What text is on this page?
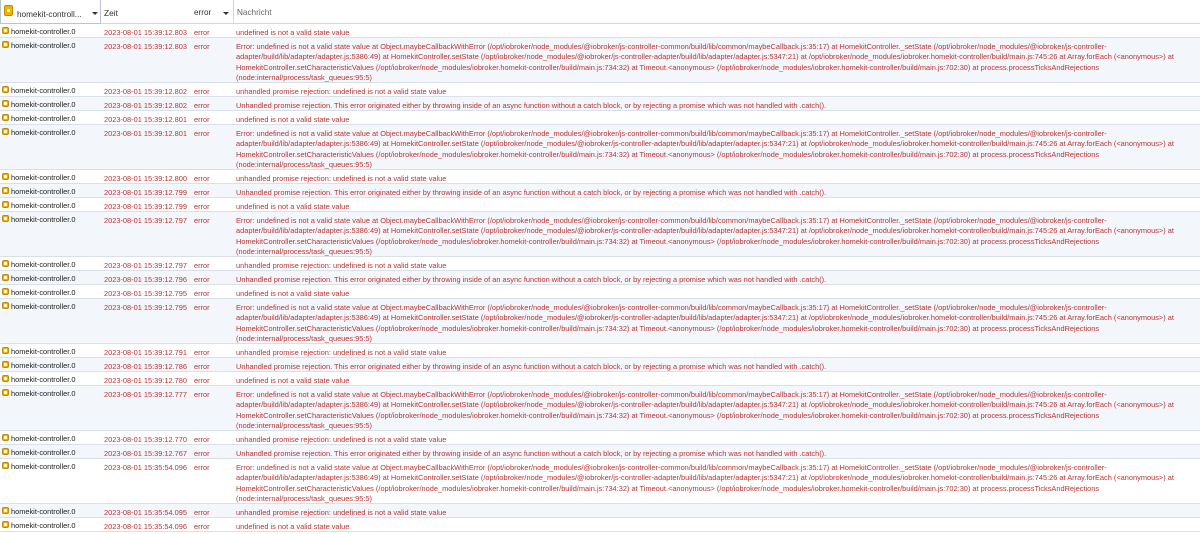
homekit-controll...	Zeit	error	Nachricht
homekit-controller.0	2023-08-01 15:39:12.803 error	undefined is not a valid state value
homekit-controller.0	2023-08-01 15:39:12.803 error	Error: undefined is not a valid state value at Object.maybeCallbackWithError (/opt/iobroker/node_modules/@iobroker/js-controller-common/build/lib/common/maybeCallback.js:35:17) at HomekitController._setState (/opt/iobroker/node_modules/@iobroker/js-controller-adapter/build/lib/adapter/adapter.js:5386:49) at HomekitController.setState (/opt/iobroker/node_modules/@iobroker/js-controller-adapter/build/lib/adapter/adapter.js:5347:21) at /opt/iobroker/node_modules/iobroker.homekit-controller/build/main.js:745:26 at Array.forEach (<anonymous>) at HomekitController.setCharacteristicValues (/opt/iobroker/node_modules/iobroker.homekit-controller/build/main.js:734:32) at Timeout.<anonymous> (/opt/iobroker/node_modules/iobroker.homekit-controller/build/main.js:702:30) at process.processTicksAndRejections (node:internal/process/task_queues:95:5)
homekit-controller.0	2023-08-01 15:39:12.802 error	unhandled promise rejection: undefined is not a valid state value
homekit-controller.0	2023-08-01 15:39:12.802 error	Unhandled promise rejection. This error originated either by throwing inside of an async function without a catch block, or by rejecting a promise which was not handled with .catch().
homekit-controller.0	2023-08-01 15:39:12.801 error	undefined is not a valid state value
homekit-controller.0	2023-08-01 15:39:12.801 error	Error: undefined is not a valid state value at Object.maybeCallbackWithError (/opt/iobroker/node_modules/@iobroker/js-controller-common/build/lib/common/maybeCallback.js:35:17) at HomekitController._setState (/opt/iobroker/node_modules/@iobroker/js-controller-adapter/build/lib/adapter/adapter.js:5386:49) at HomekitController.setState (/opt/iobroker/node_modules/@iobroker/js-controller-adapter/build/lib/adapter/adapter.js:5347:21) at /opt/iobroker/node_modules/iobroker.homekit-controller/build/main.js:745:26 at Array.forEach (<anonymous>) at HomekitController.setCharacteristicValues (/opt/iobroker/node_modules/iobroker.homekit-controller/build/main.js:734:32) at Timeout.<anonymous> (/opt/iobroker/node_modules/iobroker.homekit-controller/build/main.js:702:30) at process.processTicksAndRejections (node:internal/process/task_queues:95:5)
homekit-controller.0	2023-08-01 15:39:12.800 error	unhandled promise rejection: undefined is not a valid state value
homekit-controller.0	2023-08-01 15:39:12.799 error	Unhandled promise rejection. This error originated either by throwing inside of an async function without a catch block, or by rejecting a promise which was not handled with .catch().
homekit-controller.0	2023-08-01 15:39:12.799 error	undefined is not a valid state value
homekit-controller.0	2023-08-01 15:39:12.797 error	Error: undefined is not a valid state value at Object.maybeCallbackWithError (/opt/iobroker/node_modules/@iobroker/js-controller-common/build/lib/common/maybeCallback.js:35:17) at HomekitController._setState (/opt/iobroker/node_modules/@iobroker/js-controller-adapter/build/lib/adapter/adapter.js:5386:49) at HomekitController.setState (/opt/iobroker/node_modules/@iobroker/js-controller-adapter/build/lib/adapter/adapter.js:5347:21) at /opt/iobroker/node_modules/iobroker.homekit-controller/build/main.js:745:26 at Array.forEach (<anonymous>) at HomekitController.setCharacteristicValues (/opt/iobroker/node_modules/iobroker.homekit-controller/build/main.js:734:32) at Timeout.<anonymous> (/opt/iobroker/node_modules/iobroker.homekit-controller/build/main.js:702:30) at process.processTicksAndRejections (node:internal/process/task_queues:95:5)
homekit-controller.0	2023-08-01 15:39:12.797 error	unhandled promise rejection: undefined is not a valid state value
homekit-controller.0	2023-08-01 15:39:12.796 error	Unhandled promise rejection. This error originated either by throwing inside of an async function without a catch block, or by rejecting a promise which was not handled with .catch().
homekit-controller.0	2023-08-01 15:39:12.795 error	undefined is not a valid state value
homekit-controller.0	2023-08-01 15:39:12.795 error	Error: undefined is not a valid state value at Object.maybeCallbackWithError (/opt/iobroker/node_modules/@iobroker/js-controller-common/build/lib/common/maybeCallback.js:35:17) at HomekitController._setState (/opt/iobroker/node_modules/@iobroker/js-controller-adapter/build/lib/adapter/adapter.js:5386:49) at HomekitController.setState (/opt/iobroker/node_modules/@iobroker/js-controller-adapter/build/lib/adapter/adapter.js:5347:21) at /opt/iobroker/node_modules/iobroker.homekit-controller/build/main.js:745:26 at Array.forEach (<anonymous>) at HomekitController.setCharacteristicValues (/opt/iobroker/node_modules/iobroker.homekit-controller/build/main.js:734:32) at Timeout.<anonymous> (/opt/iobroker/node_modules/iobroker.homekit-controller/build/main.js:702:30) at process.processTicksAndRejections (node:internal/process/task_queues:95:5)
homekit-controller.0	2023-08-01 15:39:12.791 error	unhandled promise rejection: undefined is not a valid state value
homekit-controller.0	2023-08-01 15:39:12.786 error	Unhandled promise rejection. This error originated either by throwing inside of an async function without a catch block, or by rejecting a promise which was not handled with .catch().
homekit-controller.0	2023-08-01 15:39:12.780 error	undefined is not a valid state value
homekit-controller.0	2023-08-01 15:39:12.777 error	Error: undefined is not a valid state value at Object.maybeCallbackWithError (/opt/iobroker/node_modules/@iobroker/js-controller-common/build/lib/common/maybeCallback.js:35:17) at HomekitController._setState (/opt/iobroker/node_modules/@iobroker/js-controller-adapter/build/lib/adapter/adapter.js:5386:49) at HomekitController.setState (/opt/iobroker/node_modules/@iobroker/js-controller-adapter/build/lib/adapter/adapter.js:5347:21) at /opt/iobroker/node_modules/iobroker.homekit-controller/build/main.js:745:26 at Array.forEach (<anonymous>) at HomekitController.setCharacteristicValues (/opt/iobroker/node_modules/iobroker.homekit-controller/build/main.js:734:32) at Timeout.<anonymous> (/opt/iobroker/node_modules/iobroker.homekit-controller/build/main.js:702:30) at process.processTicksAndRejections (node:internal/process/task_queues:95:5)
homekit-controller.0	2023-08-01 15:39:12.770 error	unhandled promise rejection: undefined is not a valid state value
homekit-controller.0	2023-08-01 15:39:12.767 error	Unhandled promise rejection. This error originated either by throwing inside of an async function without a catch block, or by rejecting a promise which was not handled with .catch().
homekit-controller.0	2023-08-01 15:35:54.096 error	Error: undefined is not a valid state value at Object.maybeCallbackWithError (/opt/iobroker/node_modules/@iobroker/js-controller-common/build/lib/common/maybeCallback.js:35:17) at HomekitController._setState (/opt/iobroker/node_modules/@iobroker/js-controller-adapter/build/lib/adapter/adapter.js:5386:49) at HomekitController.setState (/opt/iobroker/node_modules/@iobroker/js-controller-adapter/build/lib/adapter/adapter.js:5347:21) at /opt/iobroker/node_modules/iobroker.homekit-controller/build/main.js:745:26 at Array.forEach (<anonymous>) at HomekitController.setCharacteristicValues (/opt/iobroker/node_modules/iobroker.homekit-controller/build/main.js:734:32) at Timeout.<anonymous> (/opt/iobroker/node_modules/iobroker.homekit-controller/build/main.js:702:30) at process.processTicksAndRejections (node:internal/process/task_queues:95:5)
homekit-controller.0	2023-08-01 15:35:54.095 error	unhandled promise rejection: undefined is not a valid state value
homekit-controller.0	2023-08-01 15:35:54.096 error	undefined is not a valid state value
